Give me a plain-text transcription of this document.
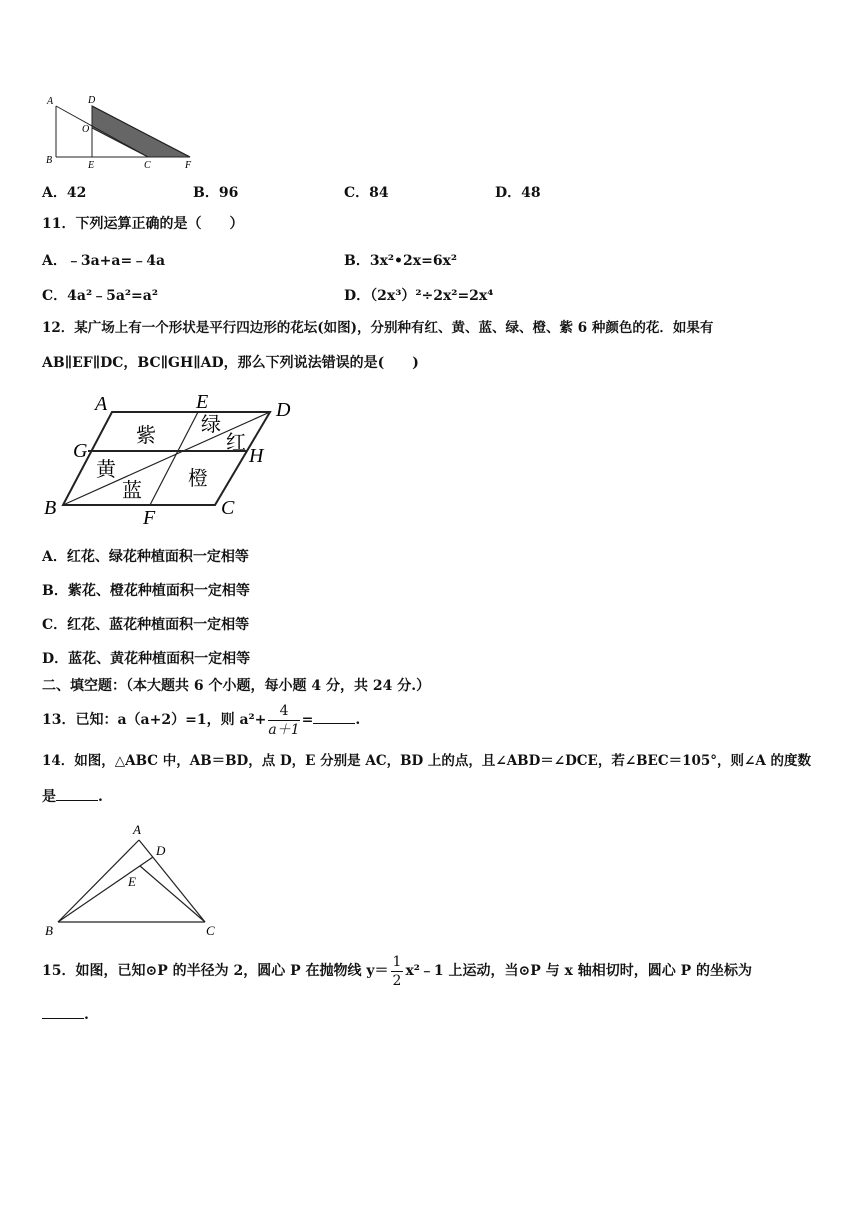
A	D
O
B	E	C	F
A．42	B．96	C．84	D．48
11．下列运算正确的是（　　）
A．﹣3a+a=﹣4a	B．3x²•2x=6x²
C．4a²﹣5a²=a²	D．（2x³）²÷2x²=2x⁴
12．某广场上有一个形状是平行四边形的花坛(如图)，分别种有红、黄、蓝、绿、橙、紫 6 种颜色的花．如果有
AB∥EF∥DC，BC∥GH∥AD，那么下列说法错误的是(　　)
A	E	D
G	H
B	F	C
紫 绿
红
黄	橙
蓝
A．红花、绿花种植面积一定相等
B．紫花、橙花种植面积一定相等
C．红花、蓝花种植面积一定相等
D．蓝花、黄花种植面积一定相等
二、填空题：（本大题共 6 个小题，每小题 4 分，共 24 分.）
13．已知：a（a+2）=1，则 $a^2+ \frac{4}{a+1}$ =	.
14．如图，△ABC 中，AB＝BD，点 D，E 分别是 AC，BD 上的点，且∠ABD＝∠DCE，若∠BEC＝105°，则∠A 的度数
是	.
A
D
E
B	C
15．如图，已知⊙P 的半径为 2，圆心 P 在抛物线 $y= \frac{1}{2}$ x²﹣1 上运动，当⊙P 与 x 轴相切时，圆心 P 的坐标为
.
